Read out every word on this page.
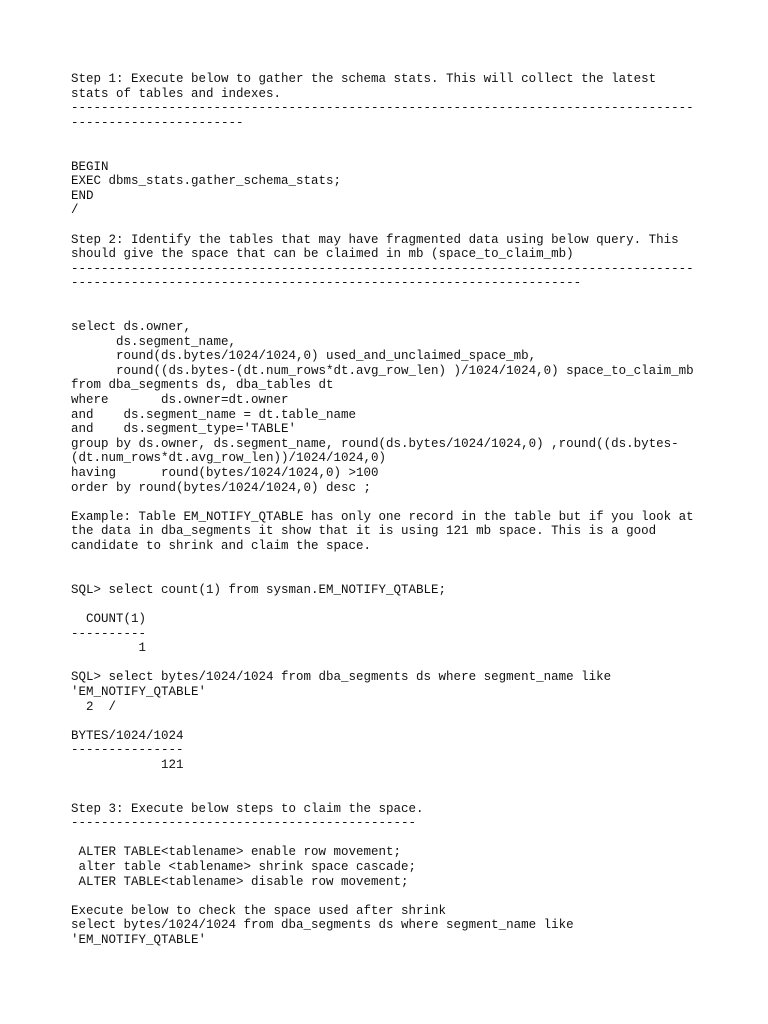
Step 1: Execute below to gather the schema stats. This will collect the latest
stats of tables and indexes.
-----------------------------------------------------------------------------------
-----------------------
BEGIN
EXEC dbms_stats.gather_schema_stats;
END
/
Step 2: Identify the tables that may have fragmented data using below query. This
should give the space that can be claimed in mb (space_to_claim_mb)
-----------------------------------------------------------------------------------
--------------------------------------------------------------------
select ds.owner,
ds.segment_name,
round(ds.bytes/1024/1024,0) used_and_unclaimed_space_mb,
round((ds.bytes-(dt.num_rows*dt.avg_row_len) )/1024/1024,0) space_to_claim_mb
from dba_segments ds, dba_tables dt
where       ds.owner=dt.owner
and    ds.segment_name = dt.table_name
and    ds.segment_type='TABLE'
group by ds.owner, ds.segment_name, round(ds.bytes/1024/1024,0) ,round((ds.bytes-
(dt.num_rows*dt.avg_row_len))/1024/1024,0)
having      round(bytes/1024/1024,0) >100
order by round(bytes/1024/1024,0) desc ;
Example: Table EM_NOTIFY_QTABLE has only one record in the table but if you look at
the data in dba_segments it show that it is using 121 mb space. This is a good
candidate to shrink and claim the space.
SQL> select count(1) from sysman.EM_NOTIFY_QTABLE;
COUNT(1)
----------
1
SQL> select bytes/1024/1024 from dba_segments ds where segment_name like
'EM_NOTIFY_QTABLE'
2  /
BYTES/1024/1024
---------------
121
Step 3: Execute below steps to claim the space.
----------------------------------------------
ALTER TABLE<tablename> enable row movement;
alter table <tablename> shrink space cascade;
ALTER TABLE<tablename> disable row movement;
Execute below to check the space used after shrink
select bytes/1024/1024 from dba_segments ds where segment_name like
'EM_NOTIFY_QTABLE'
